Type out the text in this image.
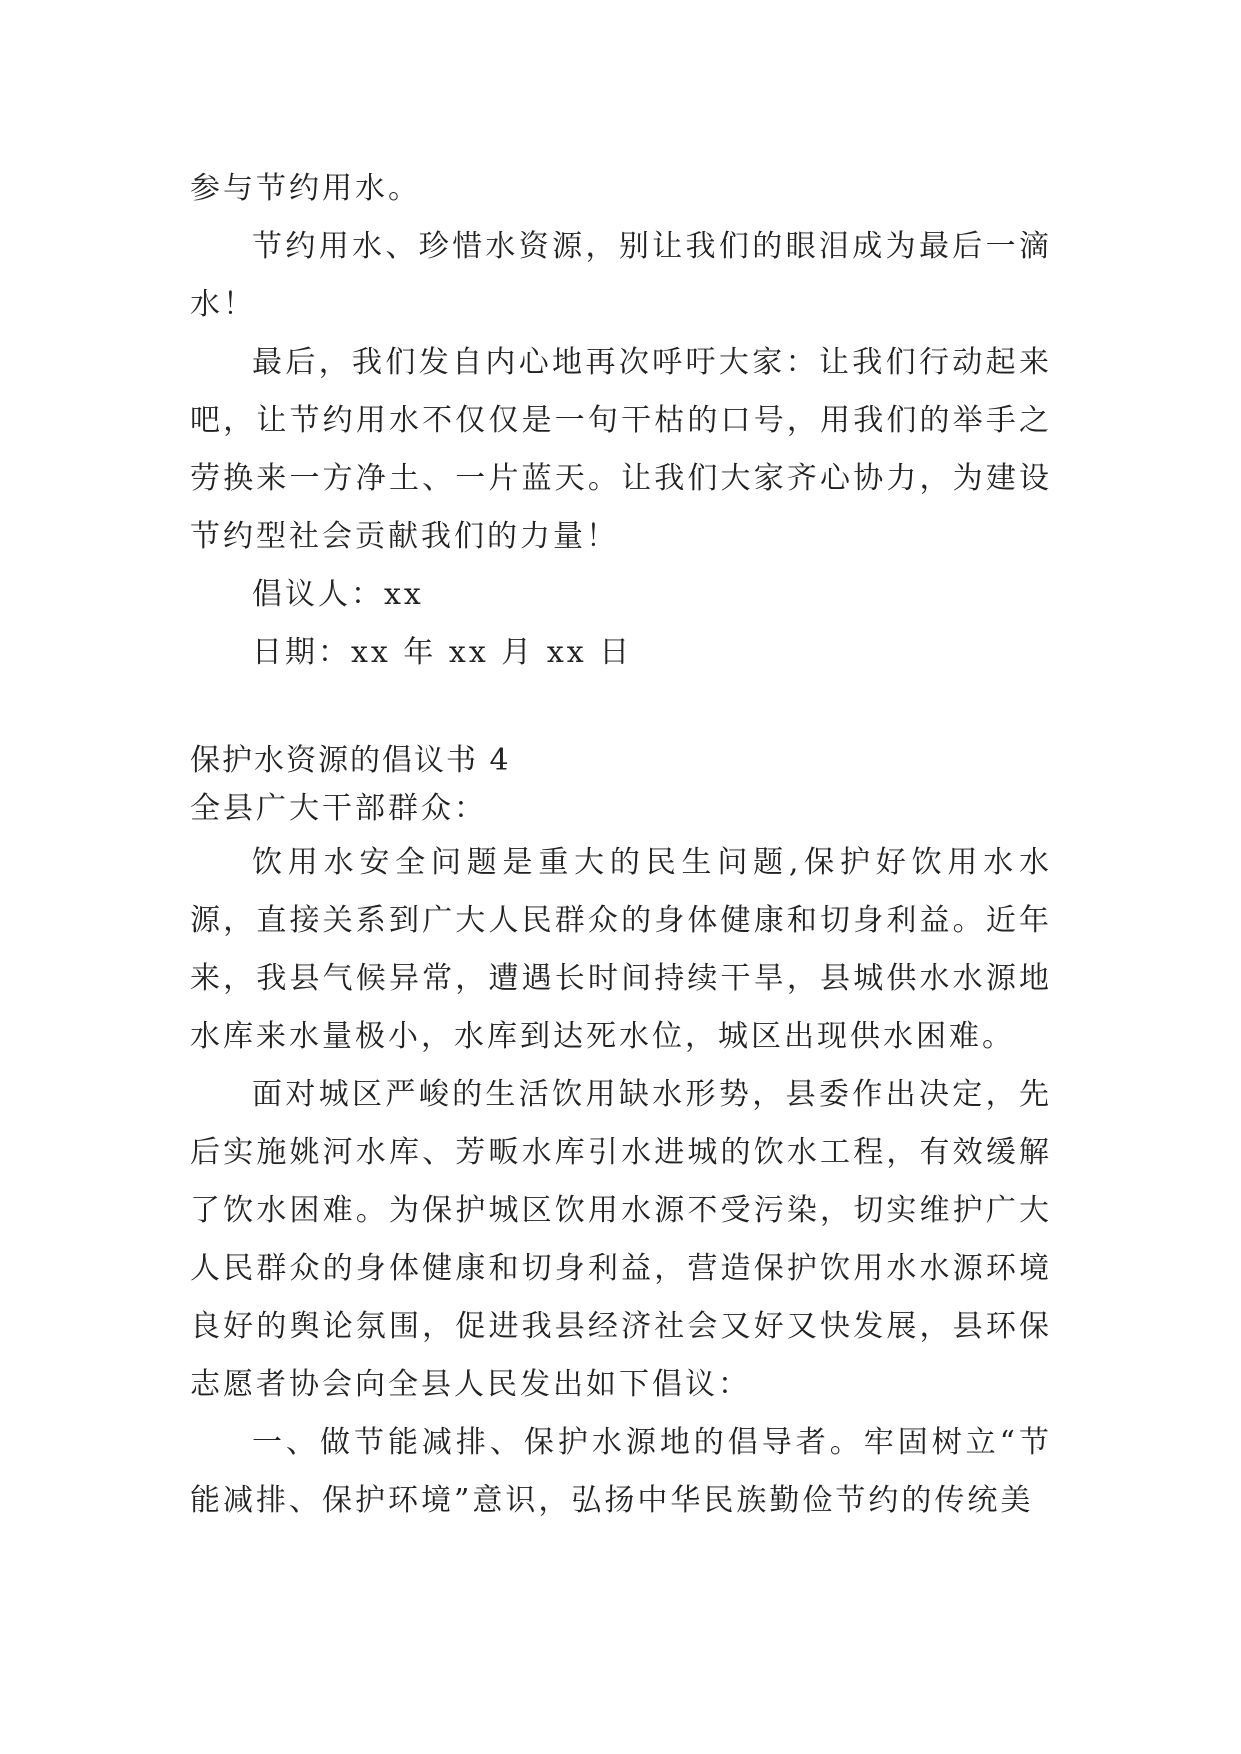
参与节约用水。

节约用水、珍惜水资源，别让我们的眼泪成为最后一滴水！

最后，我们发自内心地再次呼吁大家：让我们行动起来吧，让节约用水不仅仅是一句干枯的口号，用我们的举手之劳换来一方净土、一片蓝天。让我们大家齐心协力，为建设节约型社会贡献我们的力量！

倡议人：xx

日期：xx 年 xx 月 xx 日

保护水资源的倡议书 4

全县广大干部群众：

饮用水安全问题是重大的民生问题,保护好饮用水水源，直接关系到广大人民群众的身体健康和切身利益。近年来，我县气候异常，遭遇长时间持续干旱，县城供水水源地水库来水量极小，水库到达死水位，城区出现供水困难。

面对城区严峻的生活饮用缺水形势，县委作出决定，先后实施姚河水库、芳畈水库引水进城的饮水工程，有效缓解了饮水困难。为保护城区饮用水源不受污染，切实维护广大人民群众的身体健康和切身利益，营造保护饮用水水源环境良好的舆论氛围，促进我县经济社会又好又快发展，县环保志愿者协会向全县人民发出如下倡议：

一、做节能减排、保护水源地的倡导者。牢固树立“节能减排、保护环境”意识，弘扬中华民族勤俭节约的传统美
